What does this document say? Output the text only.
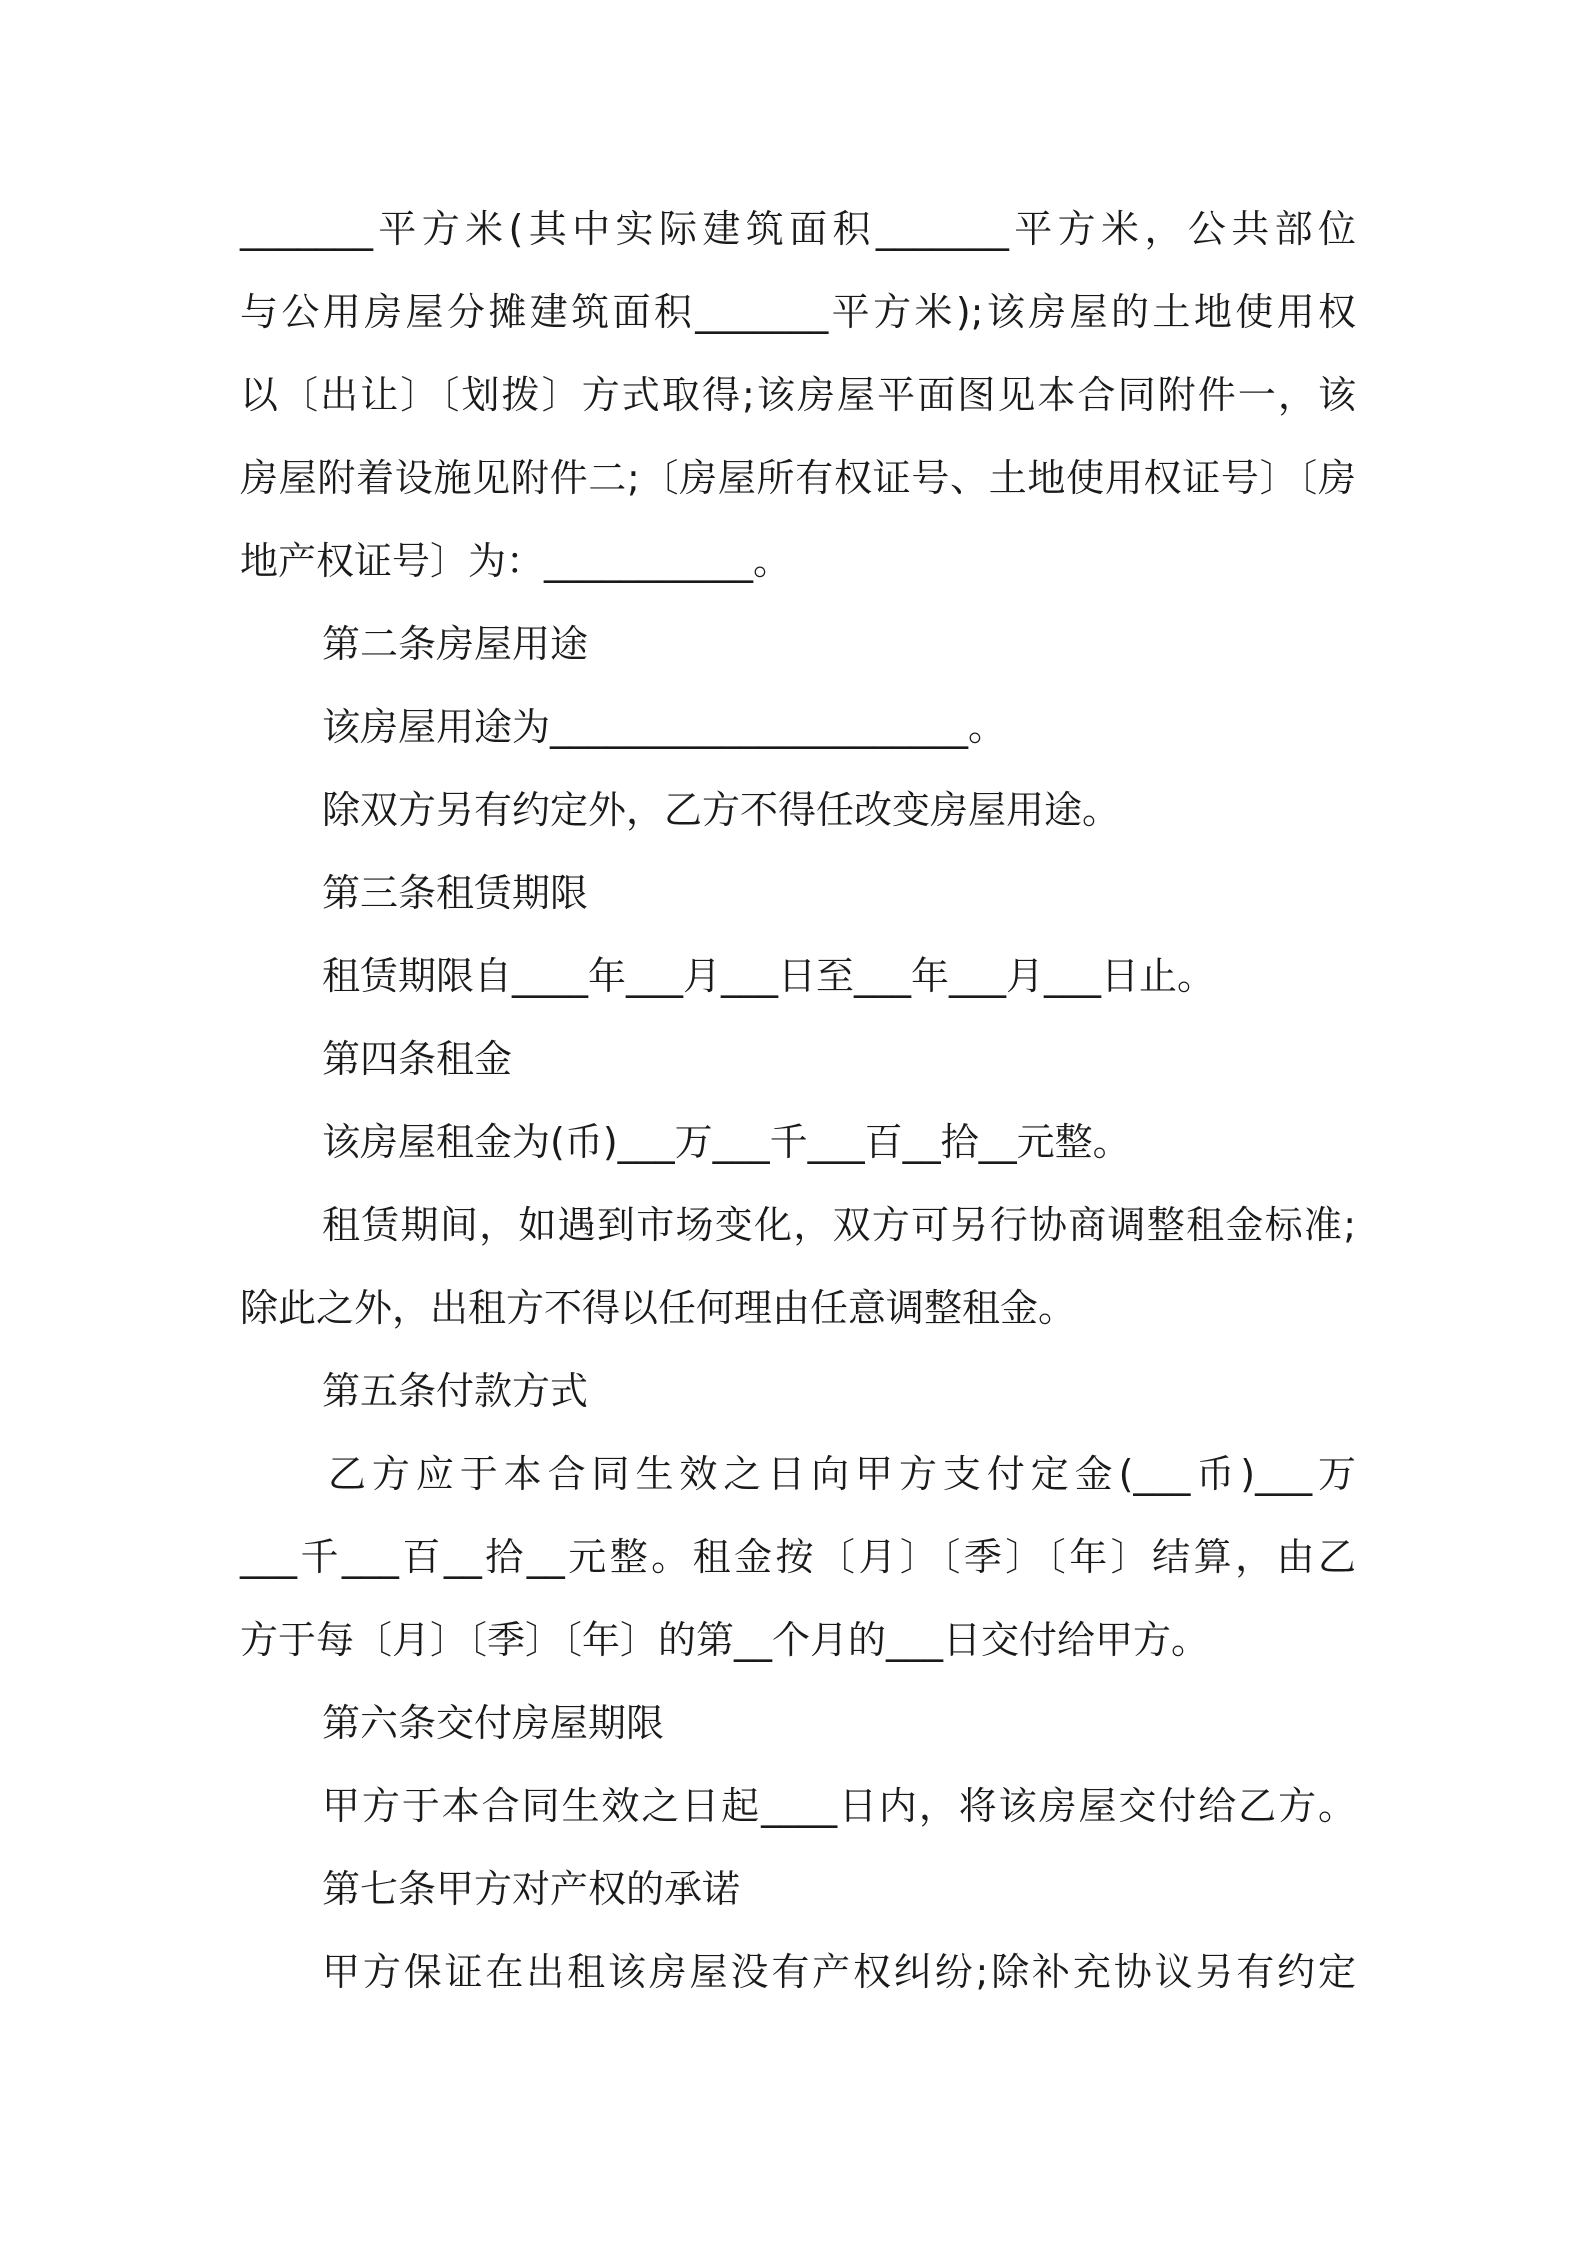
_______平方米(其中实际建筑面积_______平方米，公共部位
与公用房屋分摊建筑面积_______平方米);该房屋的土地使用权
以〔出让〕〔划拨〕方式取得;该房屋平面图见本合同附件一，该
房屋附着设施见附件二;〔房屋所有权证号、土地使用权证号〕〔房
地产权证号〕为：___________。
第二条房屋用途
该房屋用途为______________________。
除双方另有约定外，乙方不得任改变房屋用途。
第三条租赁期限
租赁期限自____年___月___日至___年___月___日止。
第四条租金
该房屋租金为(币)___万___千___百__拾__元整。
租赁期间，如遇到市场变化，双方可另行协商调整租金标准;
除此之外，出租方不得以任何理由任意调整租金。
第五条付款方式
乙方应于本合同生效之日向甲方支付定金(___币)___万
___千___百__拾__元整。租金按〔月〕〔季〕〔年〕结算，由乙
方于每〔月〕〔季〕〔年〕的第__个月的___日交付给甲方。
第六条交付房屋期限
甲方于本合同生效之日起____日内，将该房屋交付给乙方。
第七条甲方对产权的承诺
甲方保证在出租该房屋没有产权纠纷;除补充协议另有约定
